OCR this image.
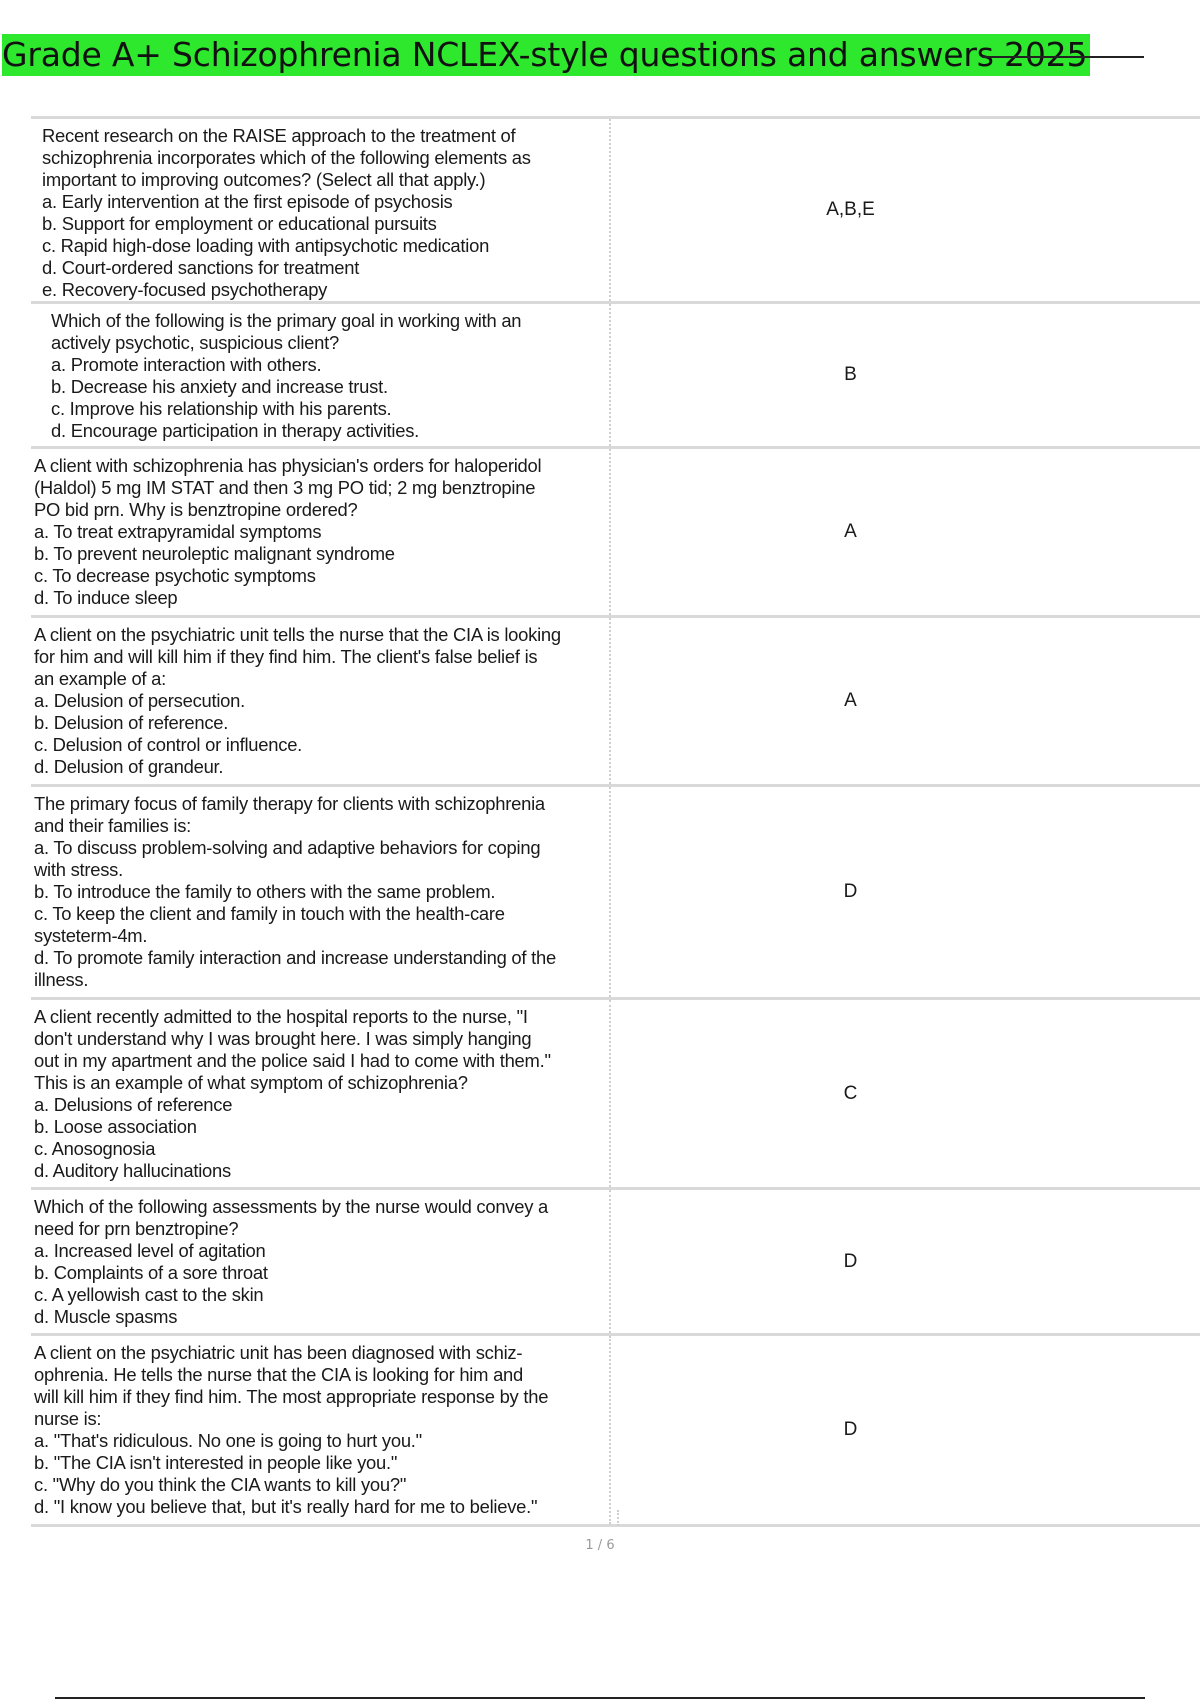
Grade A+ Schizophrenia NCLEX-style questions and answers 2025
Recent research on the RAISE approach to the treatment of
schizophrenia incorporates which of the following elements as
important to improving outcomes? (Select all that apply.)
a. Early intervention at the first episode of psychosis
b. Support for employment or educational pursuits
c. Rapid high-dose loading with antipsychotic medication
d. Court-ordered sanctions for treatment
e. Recovery-focused psychotherapy
A,B,E
Which of the following is the primary goal in working with an
actively psychotic, suspicious client?
a. Promote interaction with others.
b. Decrease his anxiety and increase trust.
c. Improve his relationship with his parents.
d. Encourage participation in therapy activities.
B
A client with schizophrenia has physician's orders for haloperidol
(Haldol) 5 mg IM STAT and then 3 mg PO tid; 2 mg benztropine
PO bid prn. Why is benztropine ordered?
a. To treat extrapyramidal symptoms
b. To prevent neuroleptic malignant syndrome
c. To decrease psychotic symptoms
d. To induce sleep
A
A client on the psychiatric unit tells the nurse that the CIA is looking
for him and will kill him if they find him. The client's false belief is
an example of a:
a. Delusion of persecution.
b. Delusion of reference.
c. Delusion of control or influence.
d. Delusion of grandeur.
A
The primary focus of family therapy for clients with schizophrenia
and their families is:
a. To discuss problem-solving and adaptive behaviors for coping
with stress.
b. To introduce the family to others with the same problem.
c. To keep the client and family in touch with the health-care
systeterm-4m.
d. To promote family interaction and increase understanding of the
illness.
D
A client recently admitted to the hospital reports to the nurse, "I
don't understand why I was brought here. I was simply hanging
out in my apartment and the police said I had to come with them."
This is an example of what symptom of schizophrenia?
a. Delusions of reference
b. Loose association
c. Anosognosia
d. Auditory hallucinations
C
Which of the following assessments by the nurse would convey a
need for prn benztropine?
a. Increased level of agitation
b. Complaints of a sore throat
c. A yellowish cast to the skin
d. Muscle spasms
D
A client on the psychiatric unit has been diagnosed with schiz-
ophrenia. He tells the nurse that the CIA is looking for him and
will kill him if they find him. The most appropriate response by the
nurse is:
a. "That's ridiculous. No one is going to hurt you."
b. "The CIA isn't interested in people like you."
c. "Why do you think the CIA wants to kill you?"
d. "I know you believe that, but it's really hard for me to believe."
D
1 / 6
